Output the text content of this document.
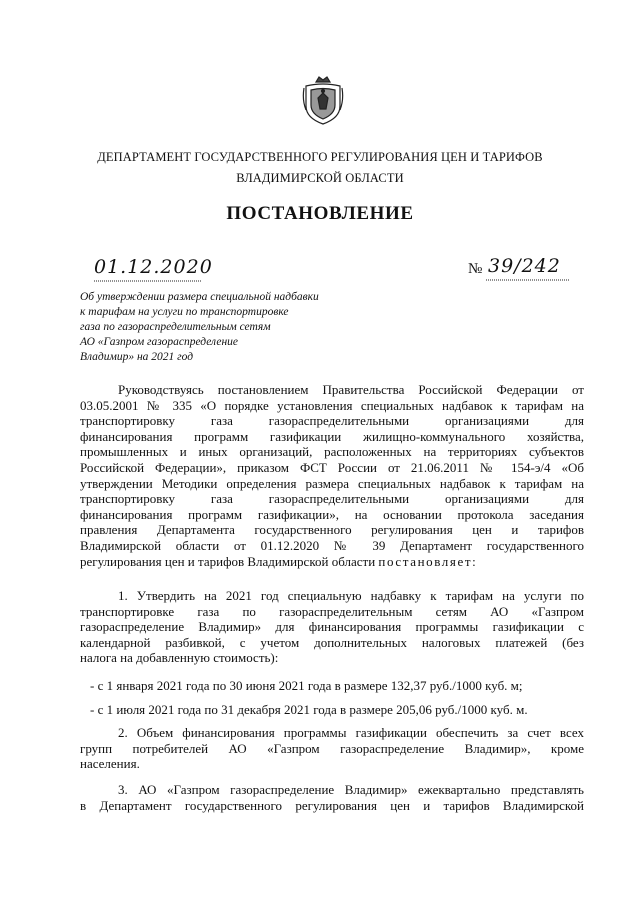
ДЕПАРТАМЕНТ ГОСУДАРСТВЕННОГО РЕГУЛИРОВАНИЯ ЦЕН И ТАРИФОВ
ВЛАДИМИРСКОЙ ОБЛАСТИ
ПОСТАНОВЛЕНИЕ
01.12.2020	№ 39/242
Об утверждении размера специальной надбавки
к тарифам на услуги по транспортировке
газа по газораспределительным сетям
АО «Газпром газораспределение
Владимир» на 2021 год
Руководствуясь постановлением Правительства Российской Федерации от
03.05.2001 № 335 «О порядке установления специальных надбавок к тарифам на
транспортировку газа газораспределительными организациями для
финансирования программ газификации жилищно-коммунального хозяйства,
промышленных и иных организаций, расположенных на территориях субъектов
Российской Федерации», приказом ФСТ России от 21.06.2011 № 154-э/4 «Об
утверждении Методики определения размера специальных надбавок к тарифам на
транспортировку газа газораспределительными организациями для
финансирования программ газификации», на основании протокола заседания
правления Департамента государственного регулирования цен и тарифов
Владимирской области от 01.12.2020 № 39 Департамент государственного
регулирования цен и тарифов Владимирской области постановляет:
1. Утвердить на 2021 год специальную надбавку к тарифам на услуги по
транспортировке газа по газораспределительным сетям АО «Газпром
газораспределение Владимир» для финансирования программы газификации с
календарной разбивкой, с учетом дополнительных налоговых платежей (без
налога на добавленную стоимость):
- с 1 января 2021 года по 30 июня 2021 года в размере 132,37 руб./1000 куб. м;
- с 1 июля 2021 года по 31 декабря 2021 года в размере 205,06 руб./1000 куб. м.
2. Объем финансирования программы газификации обеспечить за счет всех
групп потребителей АО «Газпром газораспределение Владимир», кроме
населения.
3. АО «Газпром газораспределение Владимир» ежеквартально представлять
в Департамент государственного регулирования цен и тарифов Владимирской
